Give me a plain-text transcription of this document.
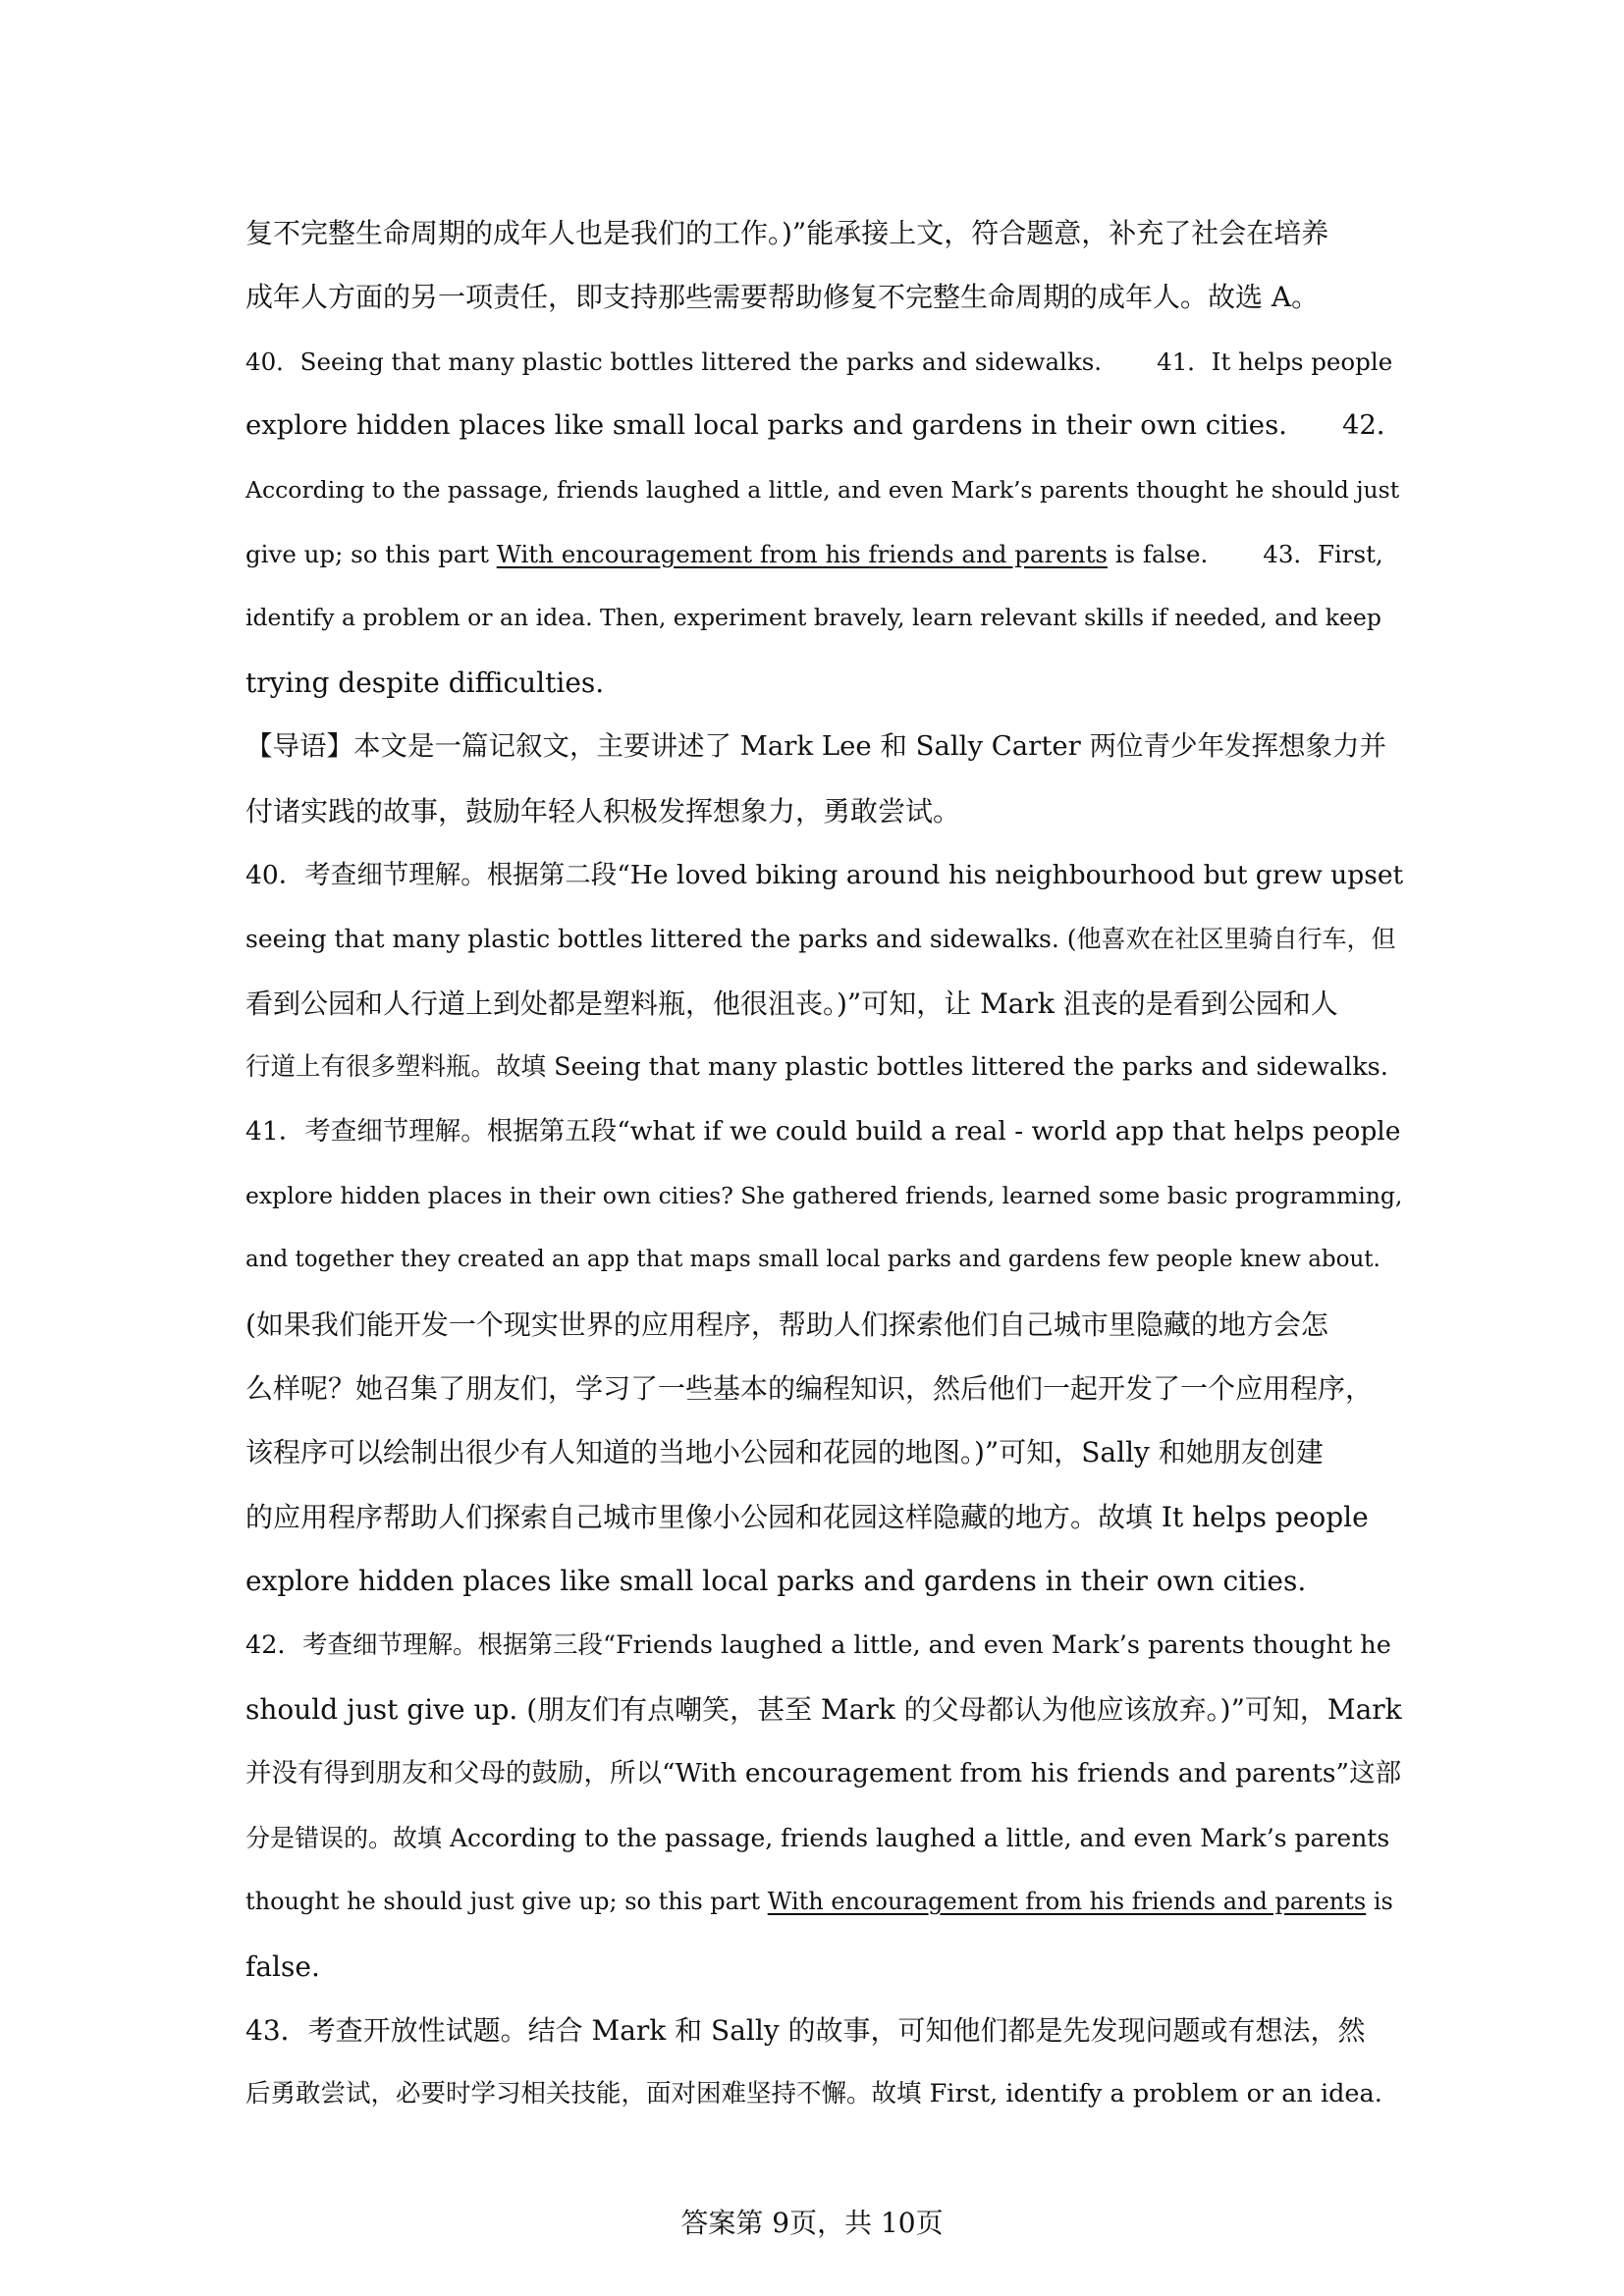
复不完整生命周期的成年人也是我们的工作。)”能承接上文，符合题意，补充了社会在培养
成年人方面的另一项责任，即支持那些需要帮助修复不完整生命周期的成年人。故选 A。
40．Seeing that many plastic bottles littered the parks and sidewalks. 41．It helps people
explore hidden places like small local parks and gardens in their own cities. 42．
According to the passage, friends laughed a little, and even Mark’s parents thought he should just
give up; so this part With encouragement from his friends and parents is false. 43．First,
identify a problem or an idea. Then, experiment bravely, learn relevant skills if needed, and keep
trying despite difficulties.
【导语】本文是一篇记叙文，主要讲述了 Mark Lee 和 Sally Carter 两位青少年发挥想象力并
付诸实践的故事，鼓励年轻人积极发挥想象力，勇敢尝试。
40．考查细节理解。根据第二段“He loved biking around his neighbourhood but grew upset
seeing that many plastic bottles littered the parks and sidewalks. (他喜欢在社区里骑自行车，但
看到公园和人行道上到处都是塑料瓶，他很沮丧。)”可知，让 Mark 沮丧的是看到公园和人
行道上有很多塑料瓶。故填 Seeing that many plastic bottles littered the parks and sidewalks.
41．考查细节理解。根据第五段“what if we could build a real - world app that helps people
explore hidden places in their own cities? She gathered friends, learned some basic programming,
and together they created an app that maps small local parks and gardens few people knew about.
(如果我们能开发一个现实世界的应用程序，帮助人们探索他们自己城市里隐藏的地方会怎
么样呢？她召集了朋友们，学习了一些基本的编程知识，然后他们一起开发了一个应用程序，
该程序可以绘制出很少有人知道的当地小公园和花园的地图。)”可知，Sally 和她朋友创建
的应用程序帮助人们探索自己城市里像小公园和花园这样隐藏的地方。故填 It helps people
explore hidden places like small local parks and gardens in their own cities.
42．考查细节理解。根据第三段“Friends laughed a little, and even Mark’s parents thought he
should just give up. (朋友们有点嘲笑，甚至 Mark 的父母都认为他应该放弃。)”可知，Mark
并没有得到朋友和父母的鼓励，所以“With encouragement from his friends and parents”这部
分是错误的。故填 According to the passage, friends laughed a little, and even Mark’s parents
thought he should just give up; so this part With encouragement from his friends and parents is
false.
43．考查开放性试题。结合 Mark 和 Sally 的故事，可知他们都是先发现问题或有想法，然
后勇敢尝试，必要时学习相关技能，面对困难坚持不懈。故填 First, identify a problem or an idea.
答案第 9页，共 10页
